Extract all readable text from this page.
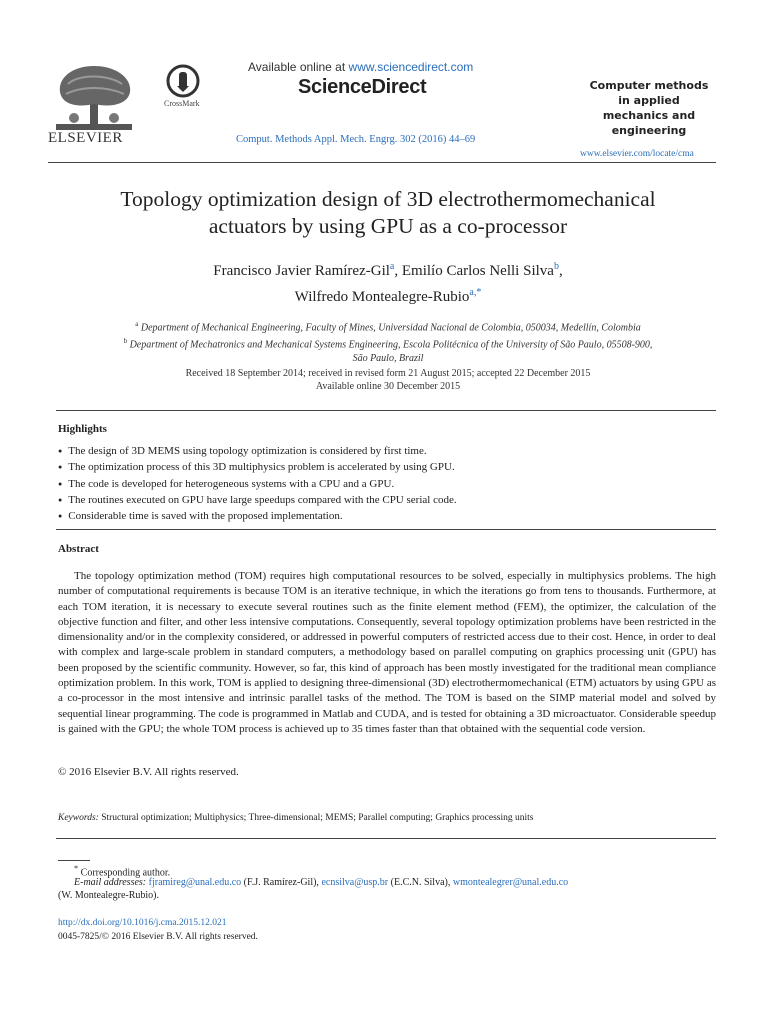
ELSEVIER
CrossMark
Available online at www.sciencedirect.com
ScienceDirect
Comput. Methods Appl. Mech. Engrg. 302 (2016) 44–69
Computer methods
in applied
mechanics and
engineering
www.elsevier.com/locate/cma
Topology optimization design of 3D electrothermomechanical
actuators by using GPU as a co-processor
Francisco Javier Ramírez-Gil$^a$, Emilío Carlos Nelli Silva$^b$,
Wilfredo Montealegre-Rubio$^{a,*}$
$^a$ Department of Mechanical Engineering, Faculty of Mines, Universidad Nacional de Colombia, 050034, Medellín, Colombia
$^b$ Department of Mechatronics and Mechanical Systems Engineering, Escola Politécnica of the University of São Paulo, 05508-900,
São Paulo, Brazil
Received 18 September 2014; received in revised form 21 August 2015; accepted 22 December 2015
Available online 30 December 2015
Highlights
● The design of 3D MEMS using topology optimization is considered by first time.
● The optimization process of this 3D multiphysics problem is accelerated by using GPU.
● The code is developed for heterogeneous systems with a CPU and a GPU.
● The routines executed on GPU have large speedups compared with the CPU serial code.
● Considerable time is saved with the proposed implementation.
Abstract

The topology optimization method (TOM) requires high computational resources to be solved, especially in multiphysics problems. The high number of computational requirements is because TOM is an iterative technique, in which the iterations go from tens to thousands. Furthermore, at each TOM iteration, it is necessary to execute several routines such as the finite element method (FEM), the optimizer, the calculation of the objective function and filter, and other less intensive computations. Consequently, several topology optimization problems have been restricted in the dimensionality and/or in the complexity considered, or addressed in powerful computers of restricted access due to their cost. Hence, in order to deal with complex and large-scale problem in standard computers, a methodology based on parallel computing on graphics processing unit (GPU) has been proposed by the scientific community. However, so far, this kind of approach has been mostly investigated for the traditional mean compliance optimization problem. In this work, TOM is applied to designing three-dimensional (3D) electrothermomechanical (ETM) actuators by using GPU as a co-processor in the most intensive and intrinsic parallel tasks of the method. The TOM is based on the SIMP material model and solved by sequential linear programming. The code is programmed in Matlab and CUDA, and is tested for obtaining a 3D microactuator. Considerable speedup is gained with the GPU; the whole TOM process is achieved up to 35 times faster than that obtained with the sequential code version.

© 2016 Elsevier B.V. All rights reserved.
Keywords: Structural optimization; Multiphysics; Three-dimensional; MEMS; Parallel computing; Graphics processing units
* Corresponding author.
E-mail addresses: fjramireg@unal.edu.co (F.J. Ramírez-Gil), ecnsilva@usp.br (E.C.N. Silva), wmontealegrer@unal.edu.co
(W. Montealegre-Rubio).
http://dx.doi.org/10.1016/j.cma.2015.12.021
0045-7825/© 2016 Elsevier B.V. All rights reserved.
